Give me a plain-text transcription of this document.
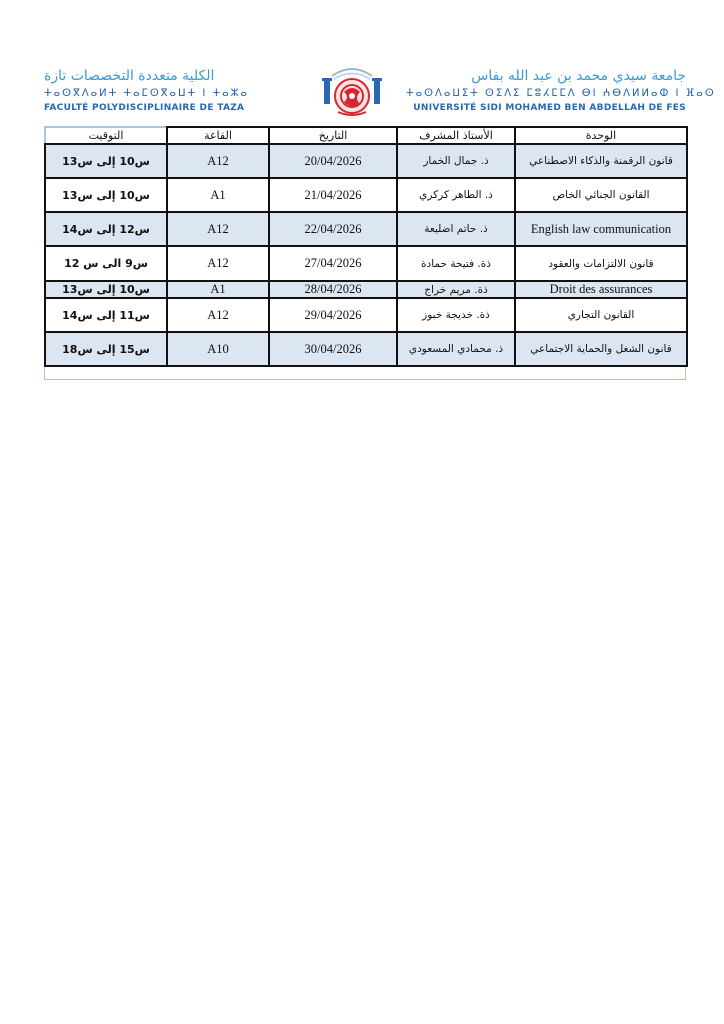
الكلية متعددة التخصصات تازة
ⵜⴰⵙⴳⴷⴰⵍⵜ ⵜⴰⵎⵙⴳⴰⵡⵜ ⵏ ⵜⴰⵣⴰ
FACULTÉ POLYDISCIPLINAIRE DE TAZA
جامعة سيدي محمد بن عبد الله بفاس
ⵜⴰⵙⴷⴰⵡⵉⵜ ⵙⵉⴷⵉ ⵎⵓⵃⵎⵎⴷ ⴱⵏ ⵄⴱⴷⵍⵍⴰⵀ ⵏ ⴼⴰⵙ
UNIVERSITÉ SIDI MOHAMED BEN ABDELLAH DE FES
التوقيت	القاعة	التاريخ	الأستاذ المشرف	الوحدة
س10 إلى س13	A12	20/04/2026	ذ. جمال الخمار	قانون الرقمنة والذكاء الاصطناعي
س10 إلى س13	A1	21/04/2026	ذ. الطاهر كركري	القانون الجنائي الخاص
س12 إلى س14	A12	22/04/2026	ذ. حاتم اضليعة	English law communication
س9 الى س 12	A12	27/04/2026	ذة. فتيحة حمادة	قانون الالتزامات والعقود
س10 إلى س13	A1	28/04/2026	ذة. مريم خراج	Droit des assurances
س11 إلى س14	A12	29/04/2026	ذة. خديجة خبوز	القانون التجاري
س15 إلى س18	A10	30/04/2026	ذ. محمادي المسعودي	قانون الشغل والحماية الاجتماعي
